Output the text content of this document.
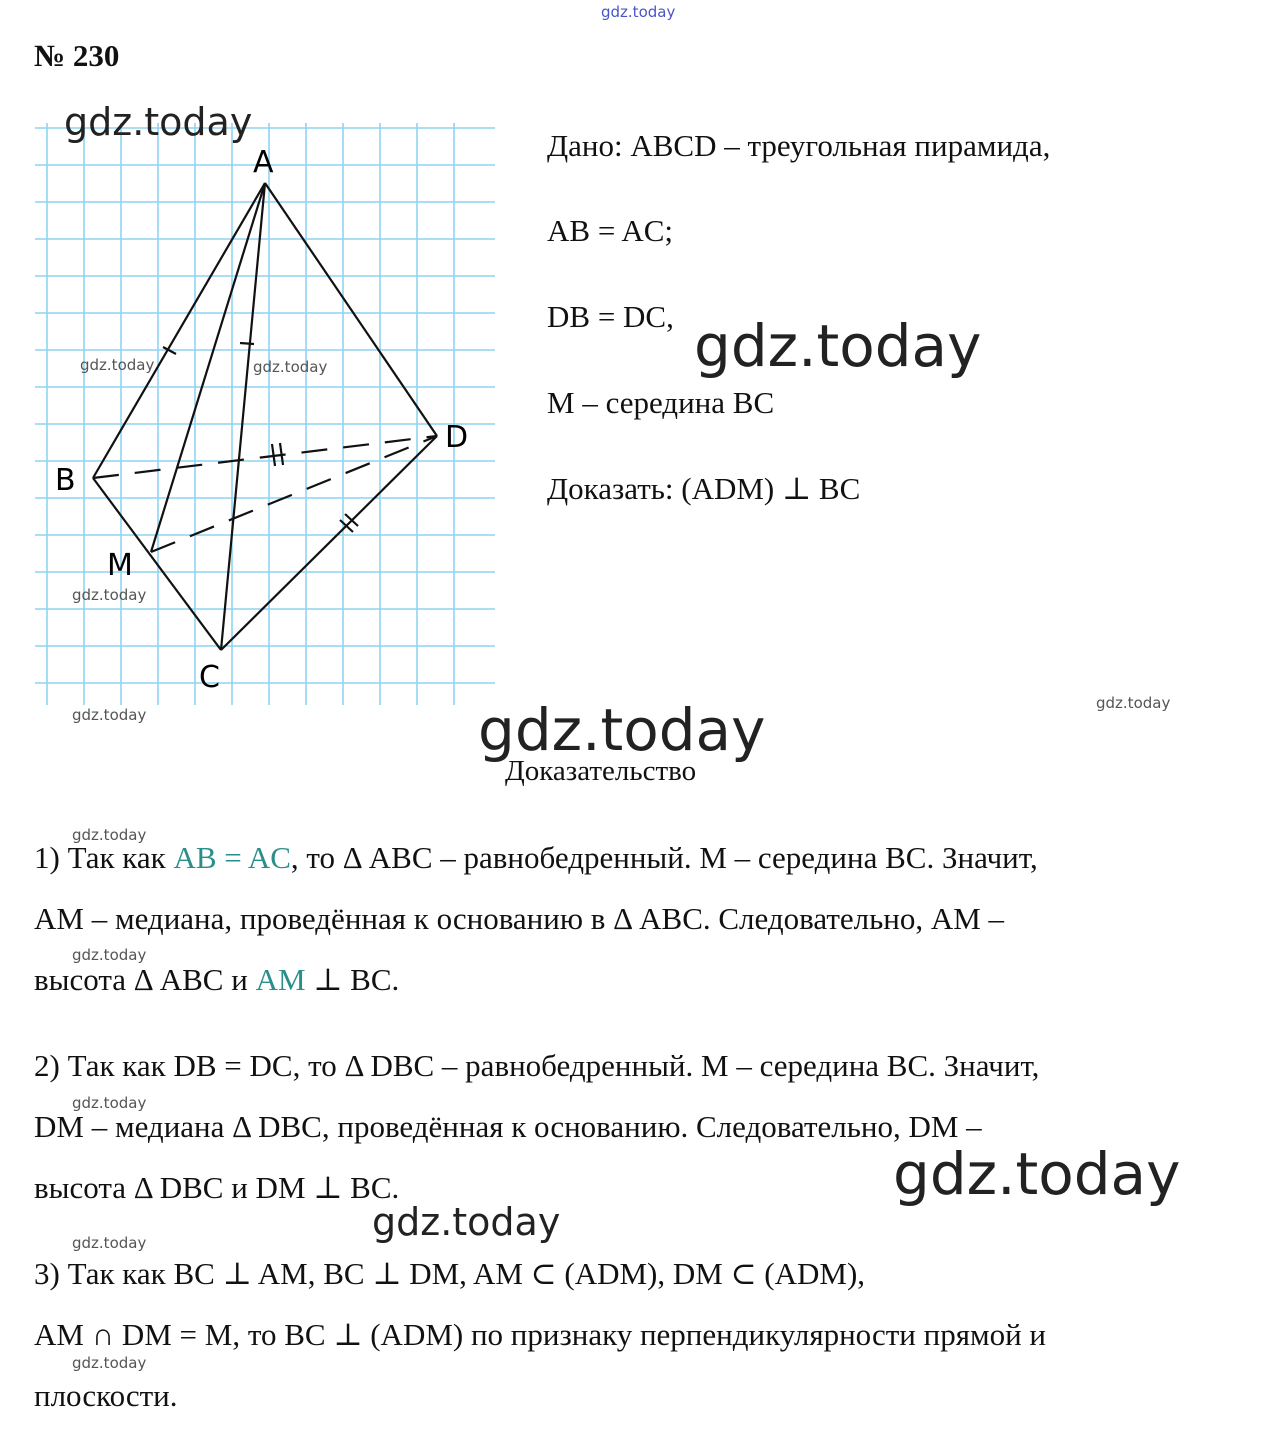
gdz.today
№ 230
A
B
C
D
M
gdz.today
gdz.today	gdz.today
gdz.today
gdz.today
Дано: ABCD – треугольная пирамида,
AB = AC;
DB = DC,
M – середина BC
Доказать: (ADM) ⊥ BC
gdz.today
gdz.today
gdz.today
Доказательство
gdz.today
1) Так как AB = AC, то Δ ABC – равнобедренный. M – середина BC. Значит,
AM – медиана, проведённая к основанию в Δ ABC. Следовательно, AM –
gdz.today
высота Δ ABC и AM ⊥ BC.
2) Так как DB = DC, то Δ DBC – равнобедренный. M – середина BC. Значит,
gdz.today
DM – медиана Δ DBC, проведённая к основанию. Следовательно, DM –
gdz.today
высота Δ DBC и DM ⊥ BC.
gdz.today
gdz.today
3) Так как BC ⊥ AM, BC ⊥ DM, AM ⊂ (ADM), DM ⊂ (ADM),
AM ∩ DM = M, то BC ⊥ (ADM) по признаку перпендикулярности прямой и
gdz.today
плоскости.
